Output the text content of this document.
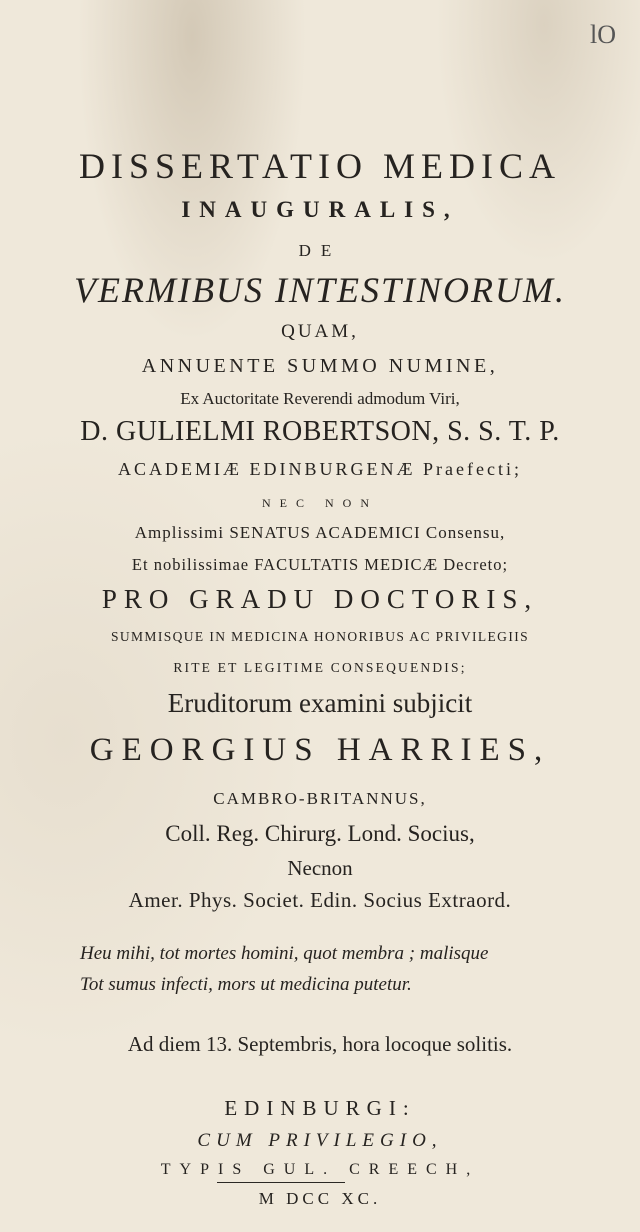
lO
DISSERTATIO MEDICA
INAUGURALIS,
DE
VERMIBUS INTESTINORUM.
QUAM,
ANNUENTE SUMMO NUMINE,
Ex Auctoritate Reverendi admodum Viri,
D. GULIELMI ROBERTSON, S. S. T. P.
ACADEMIÆ EDINBURGENÆ Praefecti;
NEC NON
Amplissimi SENATUS ACADEMICI Consensu,
Et nobilissimae FACULTATIS MEDICÆ Decreto;
PRO GRADU DOCTORIS,
SUMMISQUE IN MEDICINA HONORIBUS AC PRIVILEGIIS
RITE ET LEGITIME CONSEQUENDIS;
Eruditorum examini subjicit
GEORGIUS HARRIES,
CAMBRO-BRITANNUS,
Coll. Reg. Chirurg. Lond. Socius,
Necnon
Amer. Phys. Societ. Edin. Socius Extraord.
Heu mihi, tot mortes homini, quot membra ; malisque
Tot sumus infecti, mors ut medicina putetur.
Ad diem 13. Septembris, hora locoque solitis.
EDINBURGI:
CUM PRIVILEGIO,
TYPIS GUL. CREECH,
M DCC XC.
